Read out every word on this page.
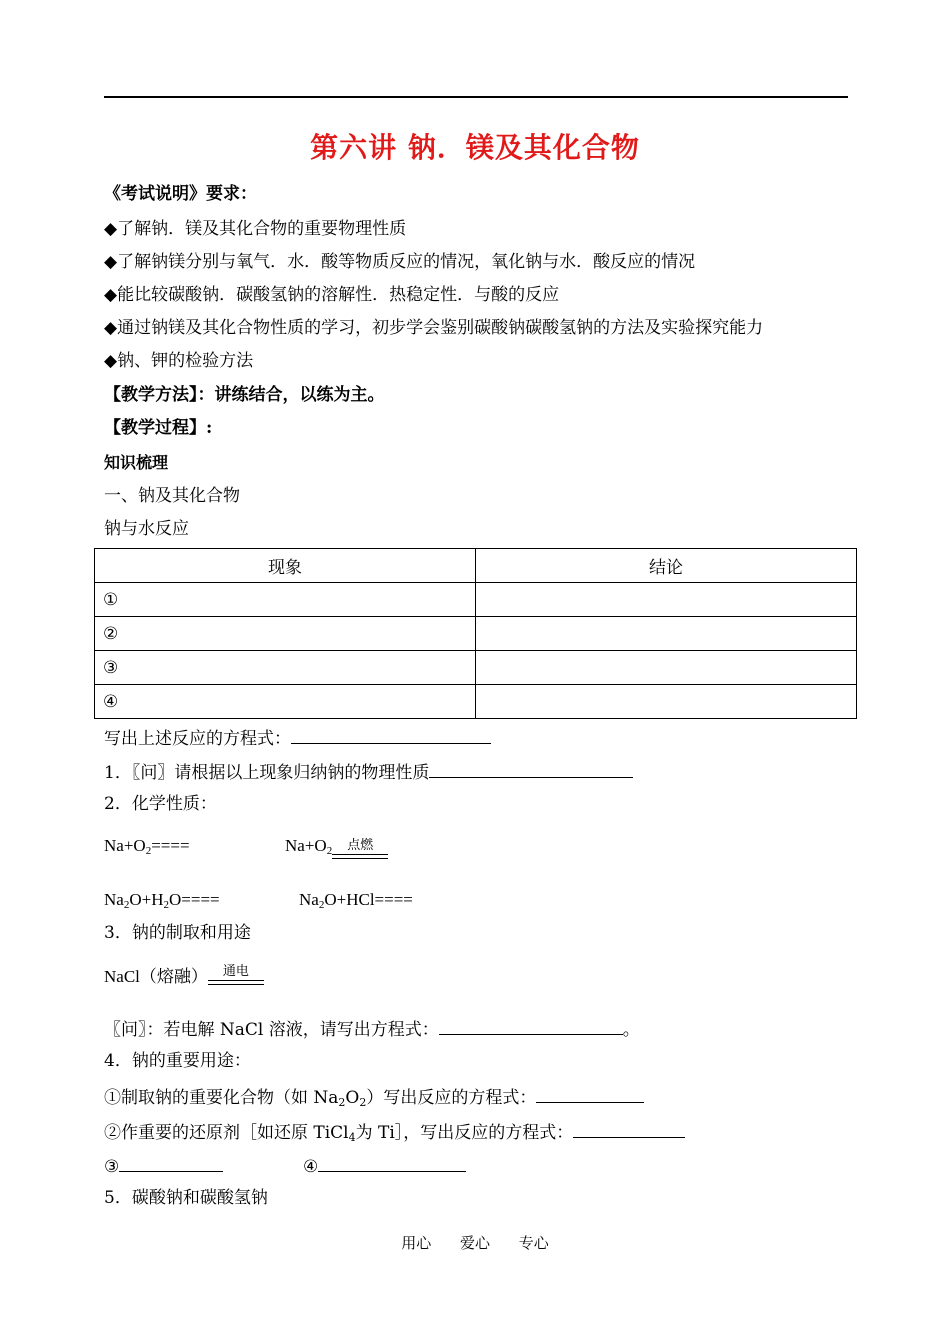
第六讲 钠．镁及其化合物
《考试说明》要求：
◆了解钠．镁及其化合物的重要物理性质
◆了解钠镁分别与氧气．水．酸等物质反应的情况，氧化钠与水．酸反应的情况
◆能比较碳酸钠．碳酸氢钠的溶解性．热稳定性．与酸的反应
◆通过钠镁及其化合物性质的学习，初步学会鉴别碳酸钠碳酸氢钠的方法及实验探究能力
◆钠、钾的检验方法
【教学方法】：讲练结合，以练为主。
【教学过程】:
知识梳理
一、钠及其化合物
钠与水反应
现象	结论
①	
②	
③	
④	
写出上述反应的方程式：
1．〖问〗请根据以上现象归纳钠的物理性质
2．化学性质：
$Na+O_2====$	$Na+O_2$	点燃
$Na_2O+H_2O====$	$Na_2O+HCl====$
3．钠的制取和用途
NaCl（熔融）	通电
〖问〗：若电解 NaCl 溶液，请写出方程式：	。
4．钠的重要用途：
①制取钠的重要化合物（如 $Na_2O_2$）写出反应的方程式：
②作重要的还原剂［如还原 TiCl$_4$为 Ti］，写出反应的方程式：
③	④
5．碳酸钠和碳酸氢钠
用心 爱心 专心
